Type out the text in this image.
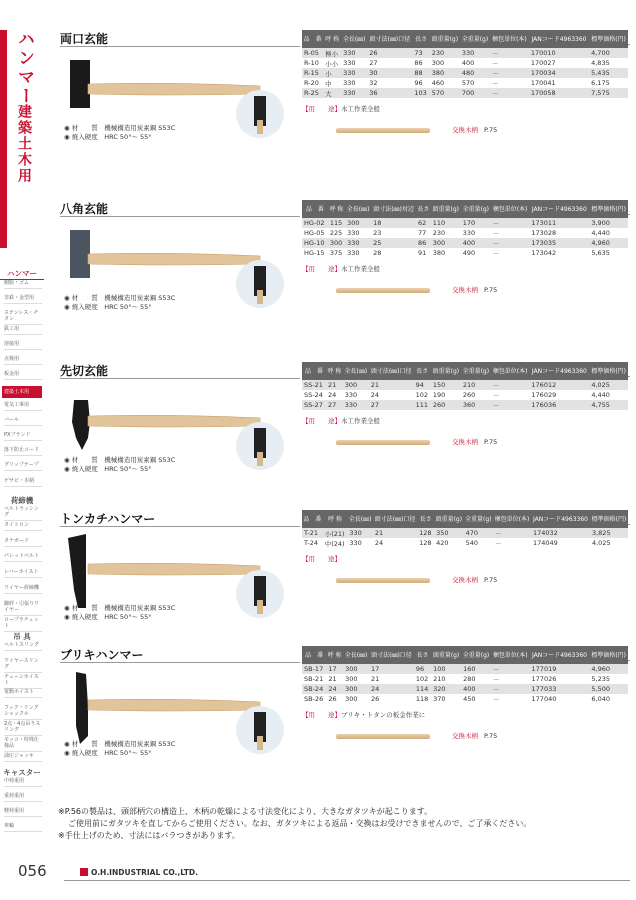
ハンマー
建築土木用
ハンマー
樹脂・ゴム
非鉄・金型用
ステンレス・チタン
鉄工用
溶接用
点検用
板金用
建築土木用
電気工事用
バール
PXブランド
落下防止コード
グリップテープ
ゲサビ・木柄
荷締機
ベルトラッシング
タイトロン
タナガード
パレットベルト
レバーホイスト
ワイヤー荷締機
脚絆・引張りワイヤー
ロープラチェット
吊 具
ベルトスリング
ワイヤースリング
チェーンホイスト
電動ホイスト
フック・リングシャックル
2点・4点吊りスリング
モッコ・特殊仕様品
油圧ジャッキ
キャスター
中荷重用
重荷重用
軽荷重用
車輪
両口玄能
◉ 材　　質　機械構造用炭素鋼 S53C
◉ 焼入硬度　HRC 50°～ 55°
品　番	呼 称	全長(㎜)	頭寸法(㎜)口径	長さ	頭重量(g)	全重量(g)	梱包単位(本)	JANコード4963360	標準価格(円)
R-05	極小	330	26	73	230	330	－	170010	4,700
R-10	小小	330	27	86	300	400	－	170027	4,835
R-15	小	330	30	88	380	480	－	170034	5,435
R-20	中	330	32	96	460	570	－	170041	6,175
R-25	大	330	36	103	570	700	－	170058	7,575
【用　　途】木工作業全般
交換木柄 P.75
八角玄能
◉ 材　　質　機械構造用炭素鋼 S53C
◉ 焼入硬度　HRC 50°～ 55°
品　番	呼 称	全長(㎜)	頭寸法(㎜)対辺	長さ	頭重量(g)	全重量(g)	梱包単位(本)	JANコード4963360	標準価格(円)
HG-02	115	300	18	62	110	170	－	173011	3,900
HG-05	225	330	23	77	230	330	－	173028	4,440
HG-10	300	330	25	86	300	400	－	173035	4,960
HG-15	375	330	28	91	380	490	－	173042	5,635
【用　　途】木工作業全般
交換木柄 P.75
先切玄能
◉ 材　　質　機械構造用炭素鋼 S53C
◉ 焼入硬度　HRC 50°～ 55°
品　番	呼 称	全長(㎜)	頭寸法(㎜)口径	長さ	頭重量(g)	全重量(g)	梱包単位(本)	JANコード4963360	標準価格(円)
SS-21	21	300	21	94	150	210	－	176012	4,025
SS-24	24	330	24	102	190	260	－	176029	4,440
SS-27	27	330	27	111	260	360	－	176036	4,755
【用　　途】木工作業全般
交換木柄 P.75
トンカチハンマー
◉ 材　　質　機械構造用炭素鋼 S53C
◉ 焼入硬度　HRC 50°～ 55°
品　番	呼 称	全長(㎜)	頭寸法(㎜)口径	長さ	頭重量(g)	全重量(g)	梱包単位(本)	JANコード4963360	標準価格(円)
T-21	小(21)	330	21	128	350	470	－	174032	3,825
T-24	中(24)	330	24	128	420	540	－	174049	4,025
【用　　途】
交換木柄 P.75
ブリキハンマー
◉ 材　　質　機械構造用炭素鋼 S53C
◉ 焼入硬度　HRC 50°～ 55°
品　番	呼 称	全長(㎜)	頭寸法(㎜)口径	長さ	頭重量(g)	全重量(g)	梱包単位(本)	JANコード4963360	標準価格(円)
SB-17	17	300	17	96	100	160	－	177019	4,960
SB-21	21	300	21	102	210	280	－	177026	5,235
SB-24	24	300	24	114	320	400	－	177033	5,500
SB-26	26	300	26	118	370	450	－	177040	6,040
【用　　途】ブリキ・トタンの板金作業に
交換木柄 P.75
※P.56の製品は、頭部柄穴の構造上、木柄の乾燥による寸法変化により、大きなガタツキが起こります。
ご使用前にガタツキを直してからご使用ください。なお、ガタツキによる返品・交換はお受けできませんので、ご了承ください。
※手仕上げのため、寸法にはバラつきがあります。
056	O.H.INDUSTRIAL CO.,LTD.
